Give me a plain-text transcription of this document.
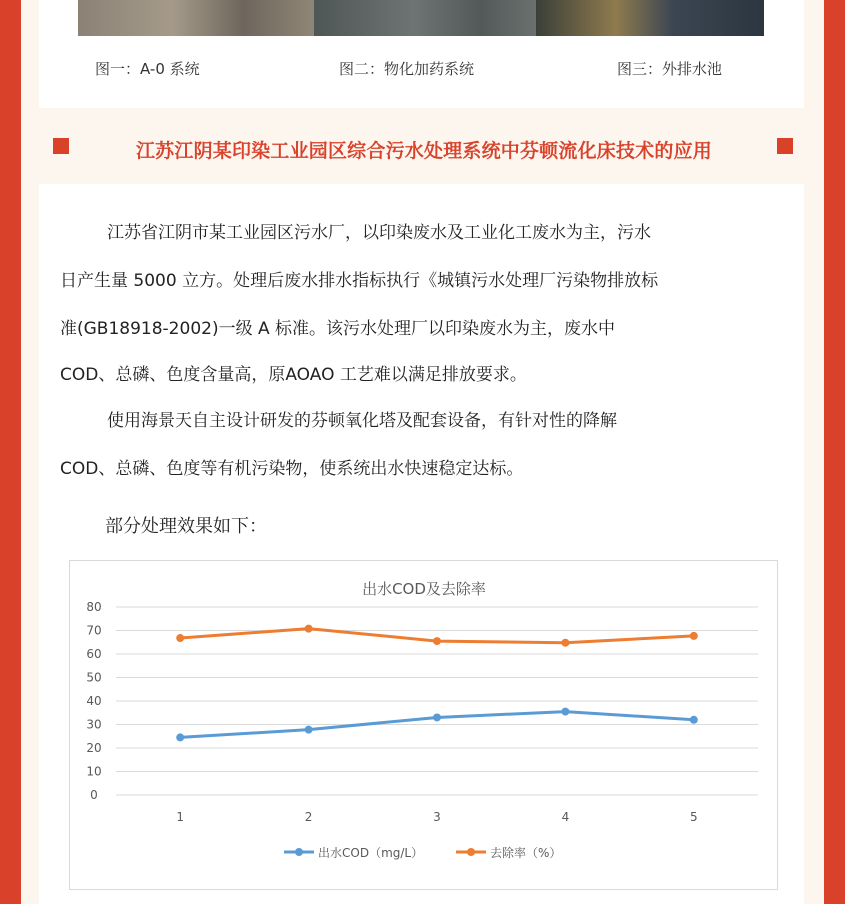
图一：A-0 系统	图二：物化加药系统	图三：外排水池
江苏江阴某印染工业园区综合污水处理系统中芬顿流化床技术的应用
江苏省江阴市某工业园区污水厂，以印染废水及工业化工废水为主，污水
日产生量 5000 立方。处理后废水排水指标执行《城镇污水处理厂污染物排放标
准(GB18918-2002)一级 A 标准。该污水处理厂以印染废水为主，废水中
COD、总磷、色度含量高，原AOAO 工艺难以满足排放要求。
使用海景天自主设计研发的芬顿氧化塔及配套设备，有针对性的降解
COD、总磷、色度等有机污染物，使系统出水快速稳定达标。
部分处理效果如下：
出水COD及去除率
0
10
20
30
40
50
60
70
80
1	2	3	4	5
出水COD（mg/L）	去除率（%）
